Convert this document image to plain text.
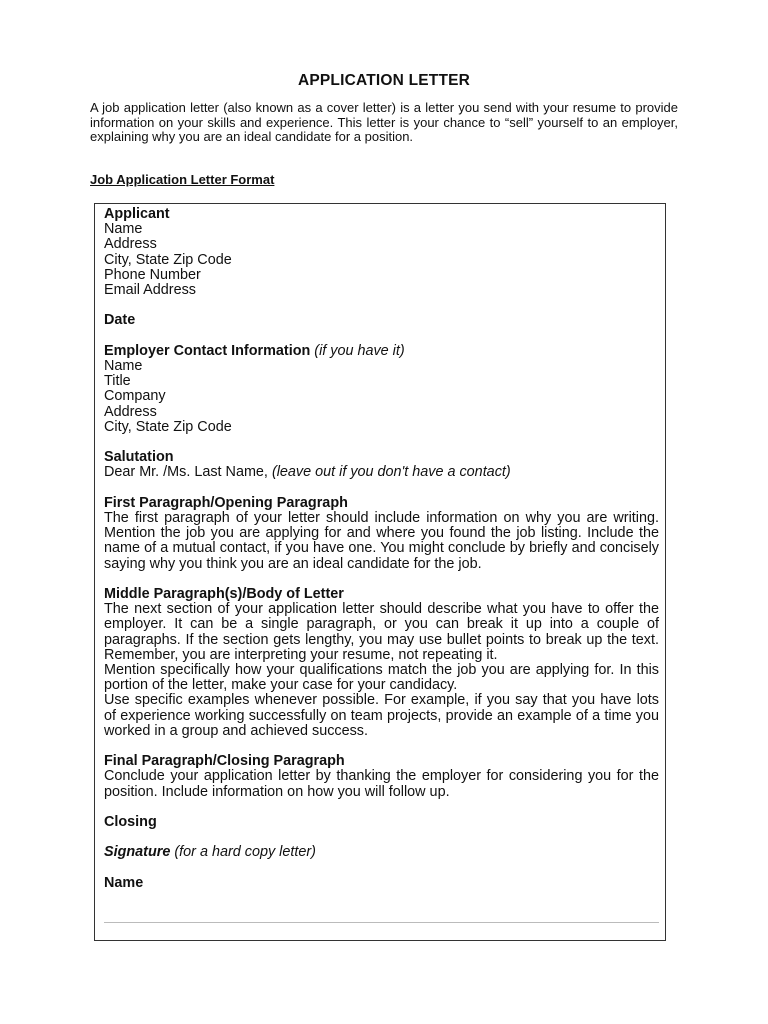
APPLICATION LETTER
A job application letter (also known as a cover letter) is a letter you send with your resume to provide information on your skills and experience. This letter is your chance to “sell” yourself to an employer, explaining why you are an ideal candidate for a position.
Job Application Letter Format

Applicant

Name

Address

City, State Zip Code

Phone Number

Email Address

Date

Employer Contact Information (if you have it)

Name

Title

Company

Address

City, State Zip Code

Salutation

Dear Mr. /Ms. Last Name, (leave out if you don't have a contact)

First Paragraph/Opening Paragraph

The first paragraph of your letter should include information on why you are writing. Mention the job you are applying for and where you found the job listing. Include the name of a mutual contact, if you have one. You might conclude by briefly and concisely saying why you think you are an ideal candidate for the job.

Middle Paragraph(s)/Body of Letter

The next section of your application letter should describe what you have to offer the employer. It can be a single paragraph, or you can break it up into a couple of paragraphs. If the section gets lengthy, you may use bullet points to break up the text. Remember, you are interpreting your resume, not repeating it.

Mention specifically how your qualifications match the job you are applying for. In this portion of the letter, make your case for your candidacy.

Use specific examples whenever possible. For example, if you say that you have lots of experience working successfully on team projects, provide an example of a time you worked in a group and achieved success.

Final Paragraph/Closing Paragraph

Conclude your application letter by thanking the employer for considering you for the position. Include information on how you will follow up.

Closing

Signature (for a hard copy letter)

Name
